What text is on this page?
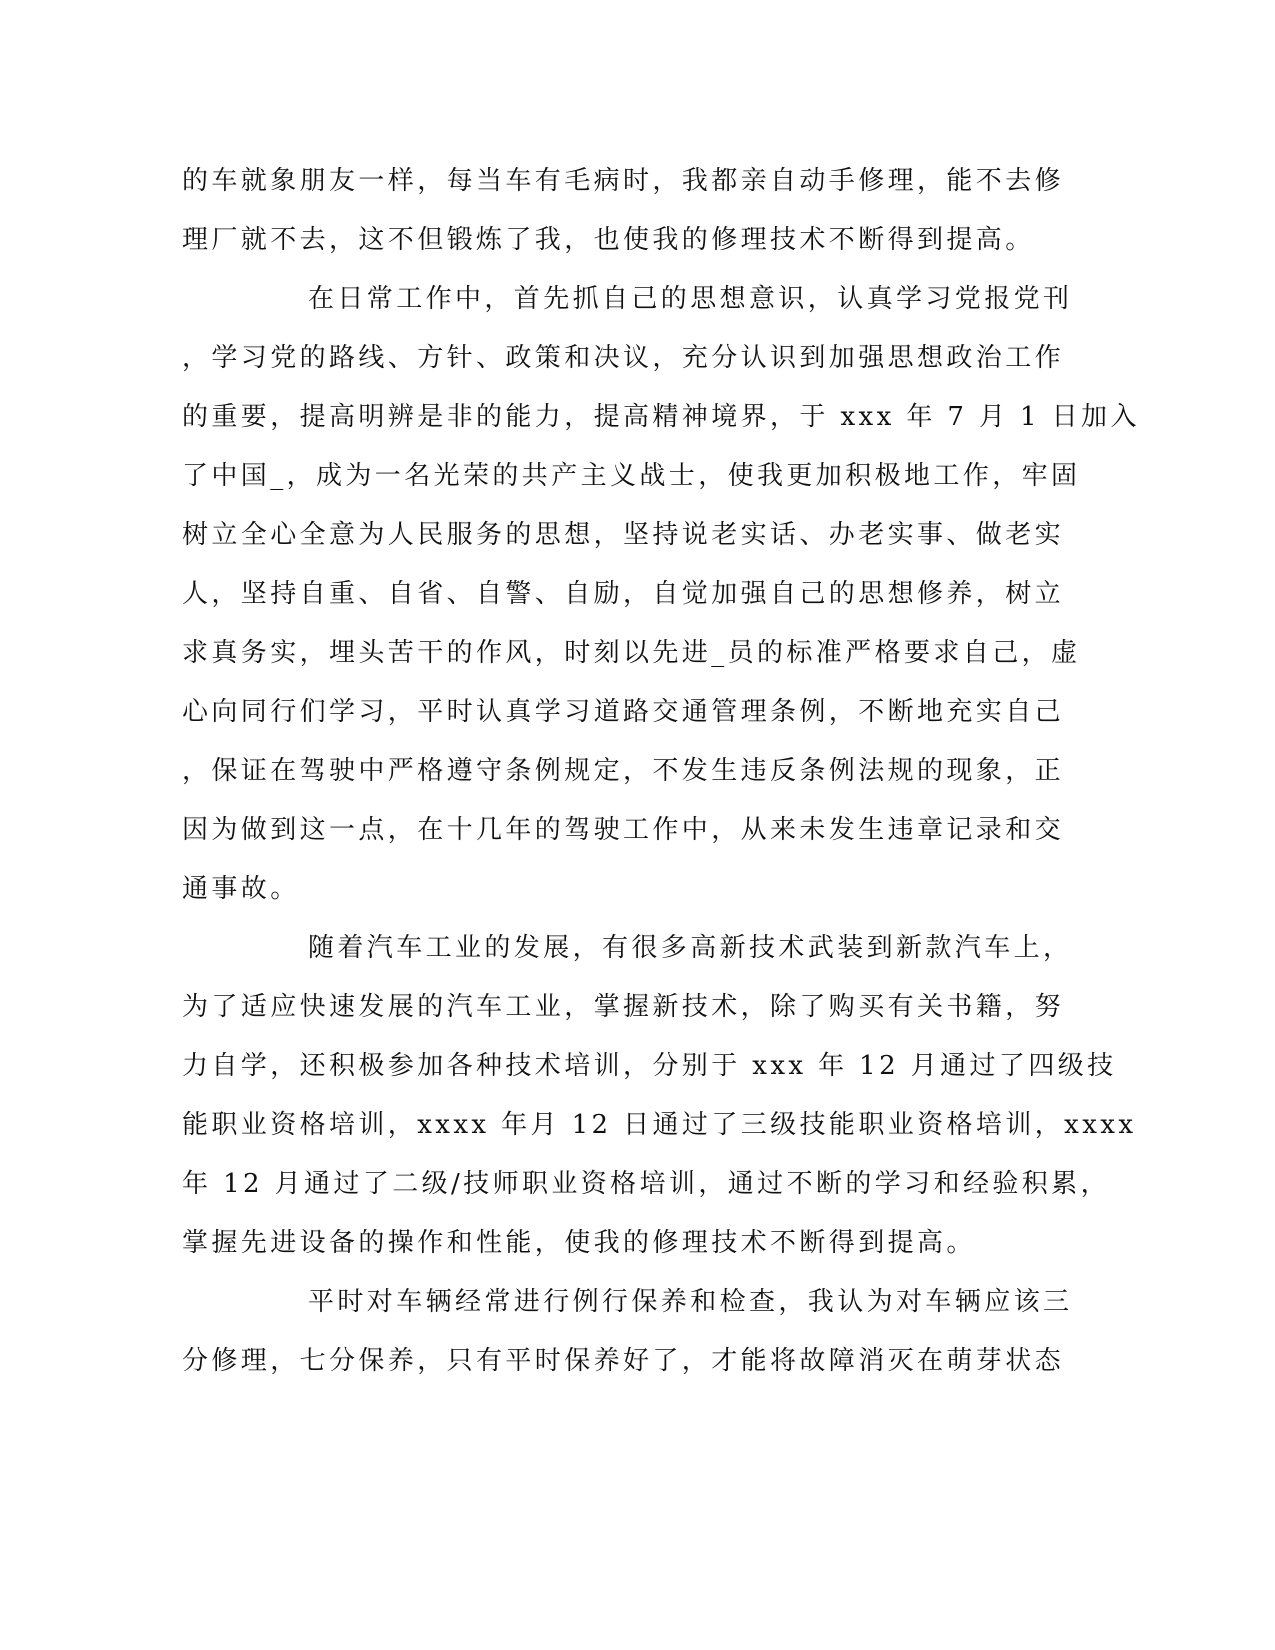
的车就象朋友一样，每当车有毛病时，我都亲自动手修理，能不去修

理厂就不去，这不但锻炼了我，也使我的修理技术不断得到提高。

在日常工作中，首先抓自己的思想意识，认真学习党报党刊

，学习党的路线、方针、政策和决议，充分认识到加强思想政治工作

的重要，提高明辨是非的能力，提高精神境界，于 xxx 年 7 月 1 日加入

了中国_，成为一名光荣的共产主义战士，使我更加积极地工作，牢固

树立全心全意为人民服务的思想，坚持说老实话、办老实事、做老实

人，坚持自重、自省、自警、自励，自觉加强自己的思想修养，树立

求真务实，埋头苦干的作风，时刻以先进_员的标准严格要求自己，虚

心向同行们学习，平时认真学习道路交通管理条例，不断地充实自己

，保证在驾驶中严格遵守条例规定，不发生违反条例法规的现象，正

因为做到这一点，在十几年的驾驶工作中，从来未发生违章记录和交

通事故。

随着汽车工业的发展，有很多高新技术武装到新款汽车上，

为了适应快速发展的汽车工业，掌握新技术，除了购买有关书籍，努

力自学，还积极参加各种技术培训，分别于 xxx 年 12 月通过了四级技

能职业资格培训，xxxx 年月 12 日通过了三级技能职业资格培训，xxxx

年 12 月通过了二级/技师职业资格培训，通过不断的学习和经验积累，

掌握先进设备的操作和性能，使我的修理技术不断得到提高。

平时对车辆经常进行例行保养和检查，我认为对车辆应该三

分修理，七分保养，只有平时保养好了，才能将故障消灭在萌芽状态
